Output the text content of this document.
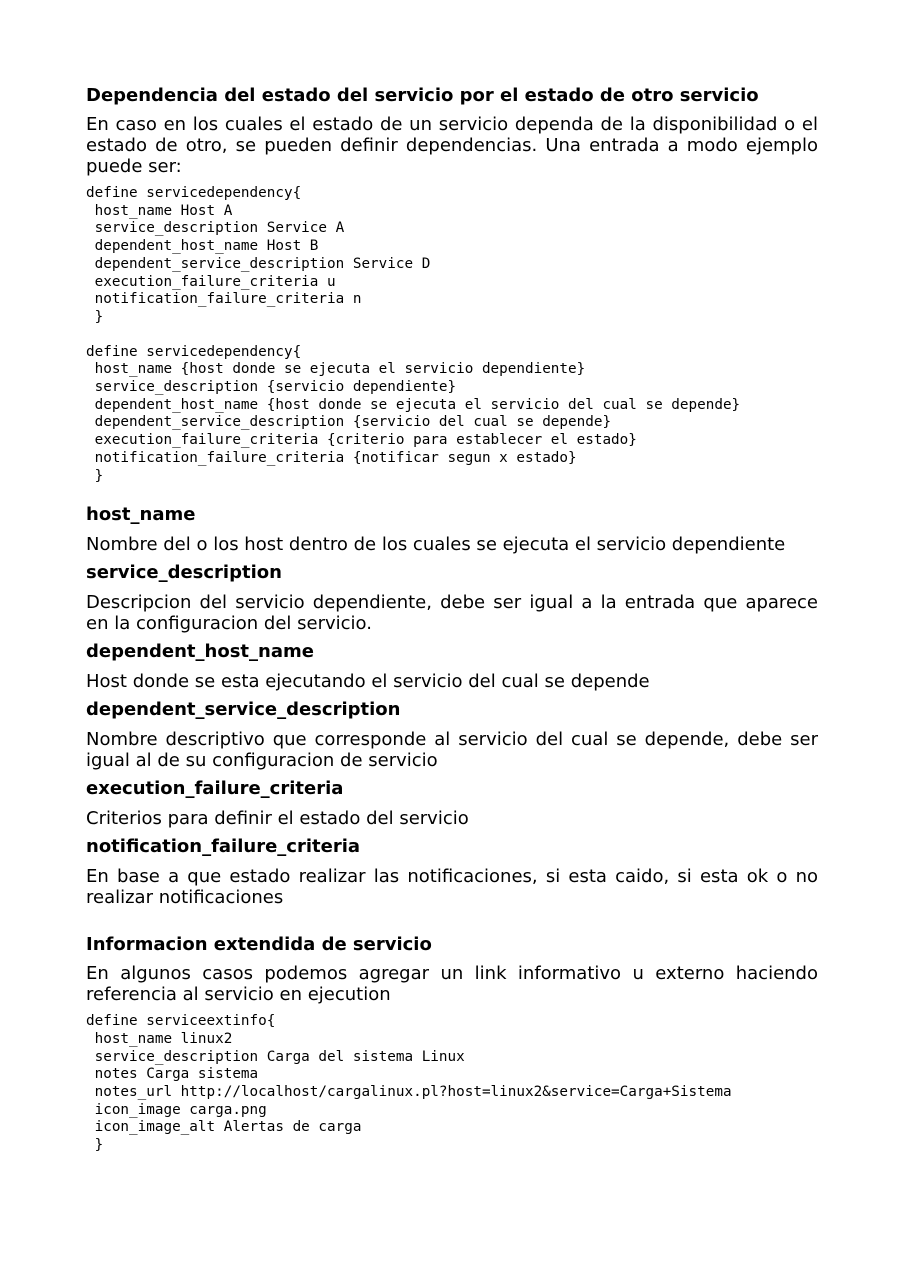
Dependencia del estado del servicio por el estado de otro servicio

En caso en los cuales el estado de un servicio dependa de la disponibilidad o el estado de otro, se pueden definir dependencias. Una entrada a modo ejemplo puede ser:

define servicedependency{
host_name Host A
service_description Service A
dependent_host_name Host B
dependent_service_description Service D
execution_failure_criteria u
notification_failure_criteria n
}
define servicedependency{
host_name {host donde se ejecuta el servicio dependiente}
service_description {servicio dependiente}
dependent_host_name {host donde se ejecuta el servicio del cual se depende}
dependent_service_description {servicio del cual se depende}
execution_failure_criteria {criterio para establecer el estado}
notification_failure_criteria {notificar segun x estado}
}
host_name

Nombre del o los host dentro de los cuales se ejecuta el servicio dependiente

service_description

Descripcion del servicio dependiente, debe ser igual a la entrada que aparece en la configuracion del servicio.

dependent_host_name

Host donde se esta ejecutando el servicio del cual se depende

dependent_service_description

Nombre descriptivo que corresponde al servicio del cual se depende, debe ser igual al de su configuracion de servicio

execution_failure_criteria

Criterios para definir el estado del servicio

notification_failure_criteria

En base a que estado realizar las notificaciones, si esta caido, si esta ok o no realizar notificaciones

Informacion extendida de servicio

En algunos casos podemos agregar un link informativo u externo haciendo referencia al servicio en ejecution

define serviceextinfo{
host_name linux2
service_description Carga del sistema Linux
notes Carga sistema
notes_url http://localhost/cargalinux.pl?host=linux2&service=Carga+Sistema
icon_image carga.png
icon_image_alt Alertas de carga
}
